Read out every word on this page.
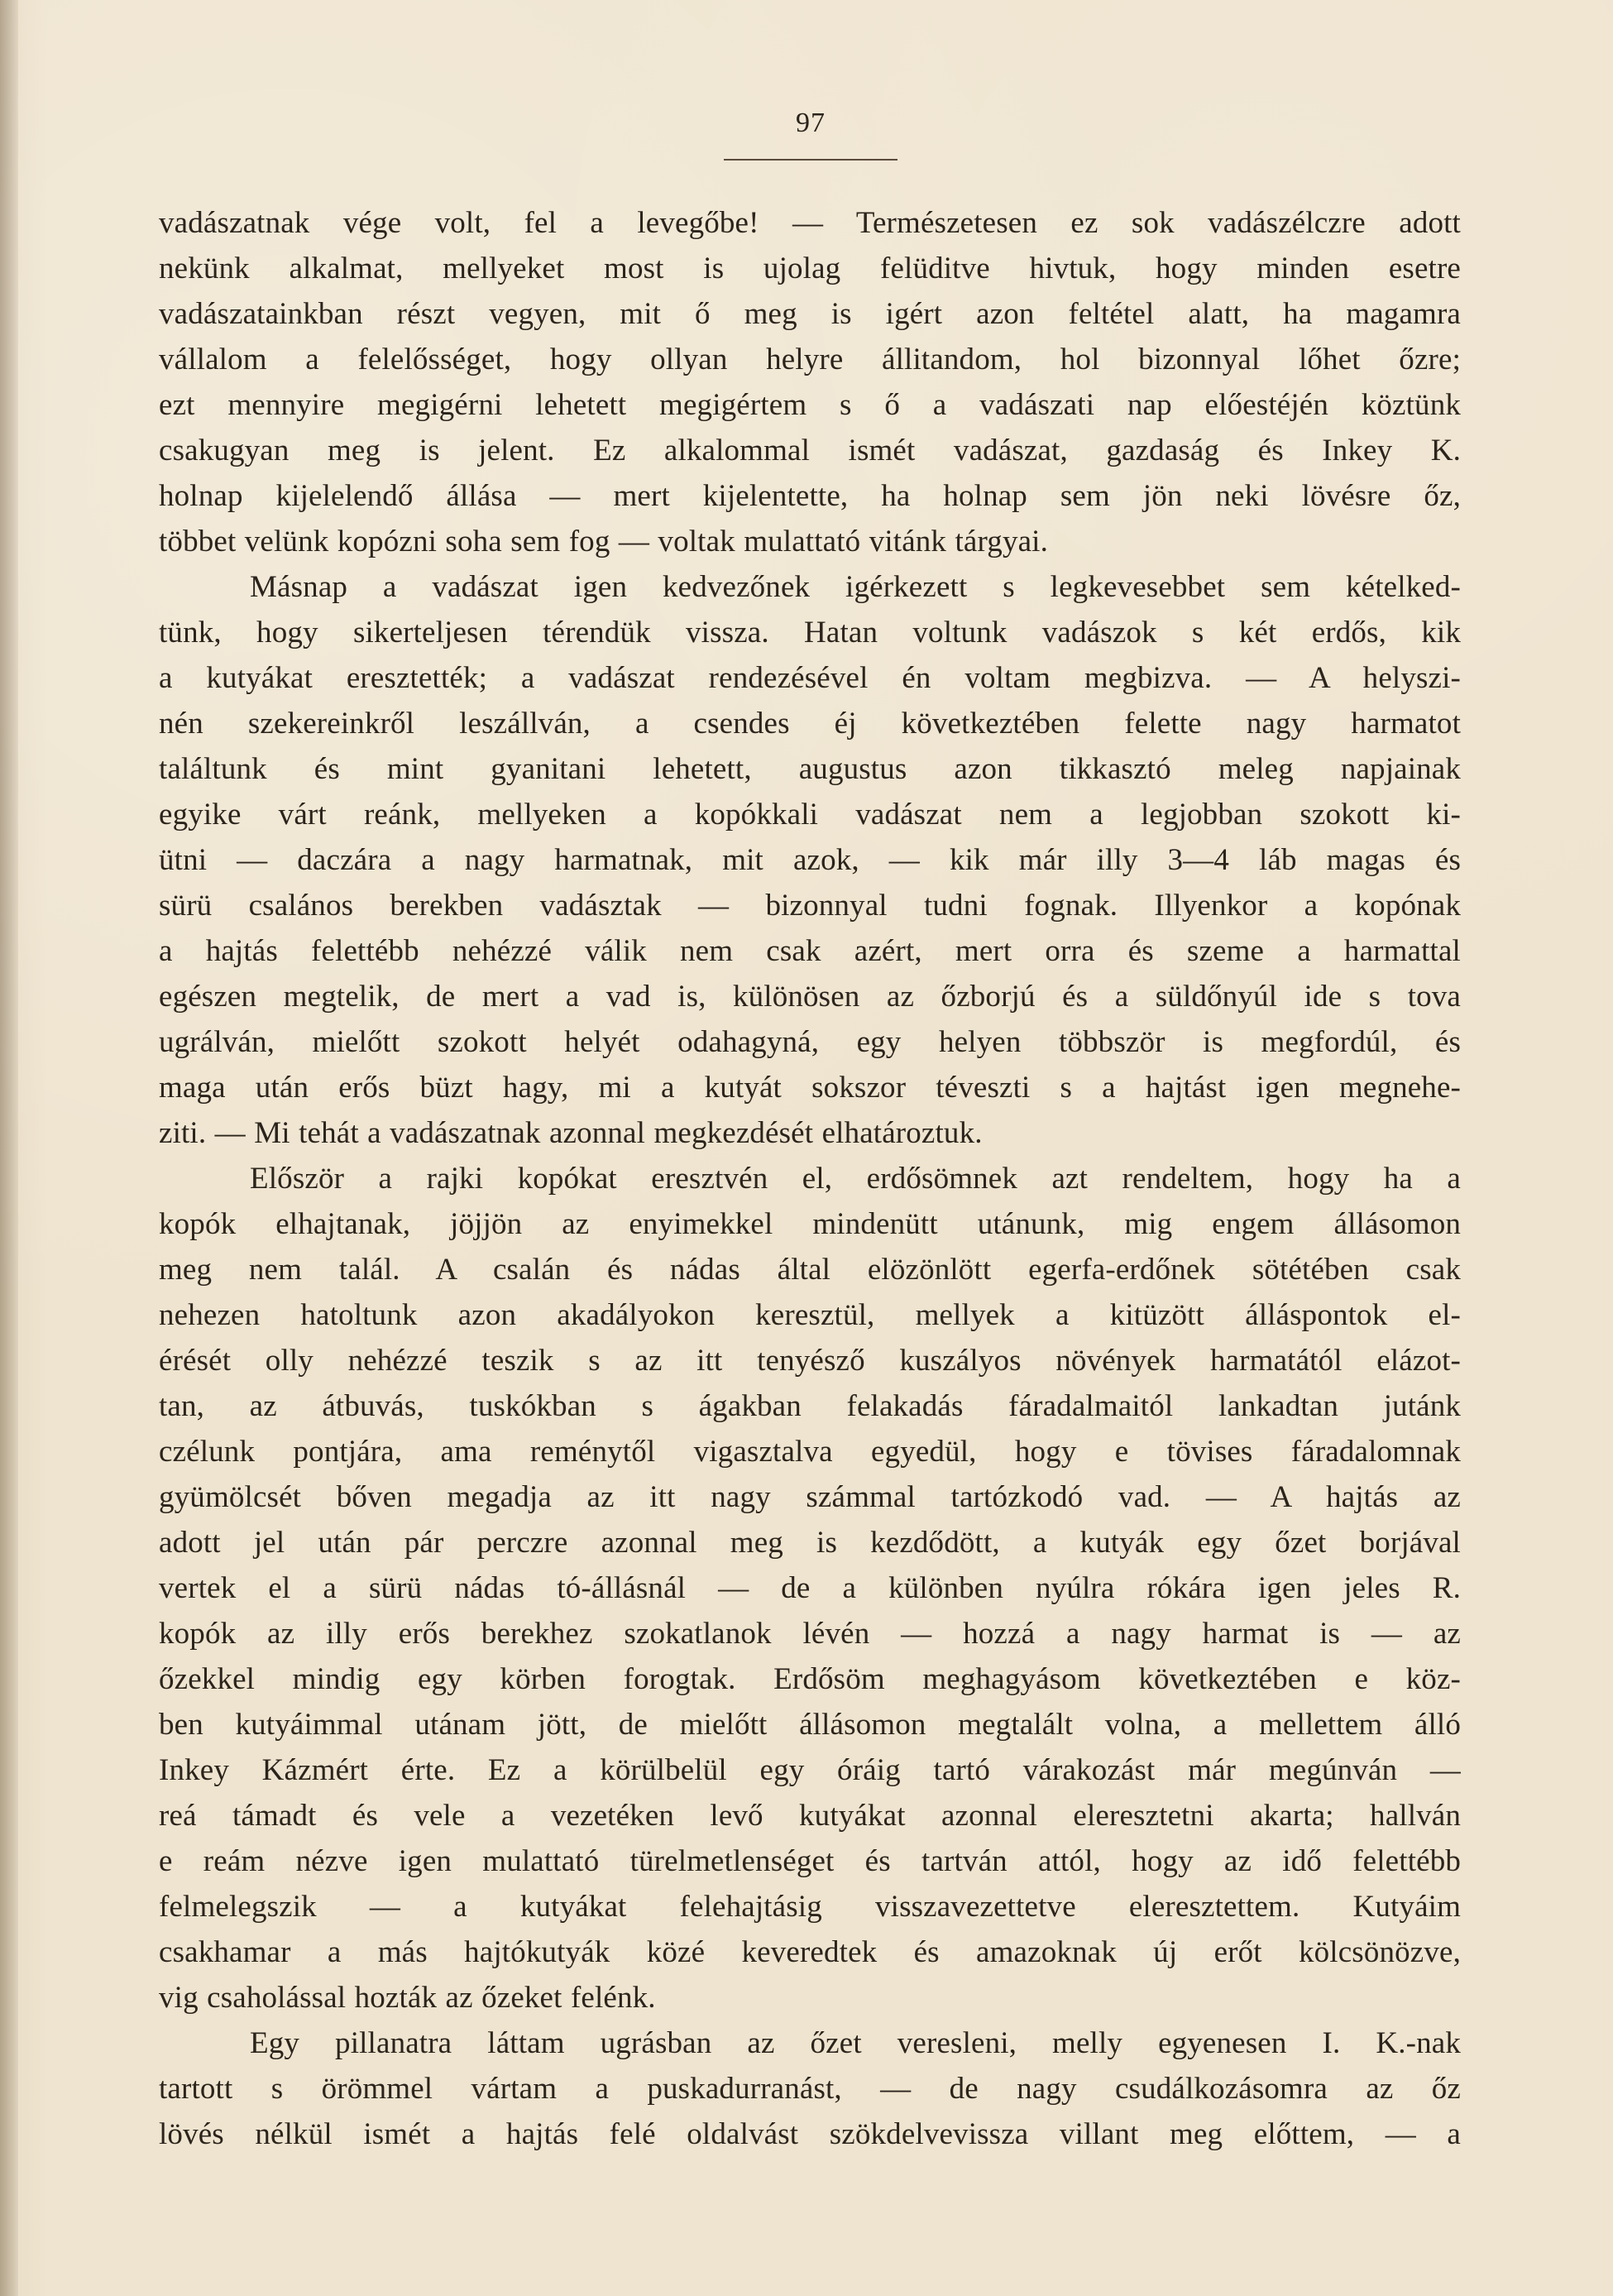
97
vadászatnak vége volt, fel a levegőbe! — Természetesen ez sok vadászélczre adott
nekünk alkalmat, mellyeket most is ujolag felüditve hivtuk, hogy minden esetre
vadászatainkban részt vegyen, mit ő meg is igért azon feltétel alatt, ha magamra
vállalom a felelősséget, hogy ollyan helyre állitandom, hol bizonnyal lőhet őzre;
ezt mennyire megigérni lehetett megigértem s ő a vadászati nap előestéjén köztünk
csakugyan meg is jelent. Ez alkalommal ismét vadászat, gazdaság és Inkey K.
holnap kijelelendő állása — mert kijelentette, ha holnap sem jön neki lövésre őz,
többet velünk kopózni soha sem fog — voltak mulattató vitánk tárgyai.
Másnap a vadászat igen kedvezőnek igérkezett s legkevesebbet sem kételked-
tünk, hogy sikerteljesen térendük vissza. Hatan voltunk vadászok s két erdős, kik
a kutyákat eresztették; a vadászat rendezésével én voltam megbizva. — A helyszi-
nén szekereinkről leszállván, a csendes éj következtében felette nagy harmatot
találtunk és mint gyanitani lehetett, augustus azon tikkasztó meleg napjainak
egyike várt reánk, mellyeken a kopókkali vadászat nem a legjobban szokott ki-
ütni — daczára a nagy harmatnak, mit azok, — kik már illy 3—4 láb magas és
sürü csalános berekben vadásztak — bizonnyal tudni fognak. Illyenkor a kopónak
a hajtás felettébb nehézzé válik nem csak azért, mert orra és szeme a harmattal
egészen megtelik, de mert a vad is, különösen az őzborjú és a süldőnyúl ide s tova
ugrálván, mielőtt szokott helyét odahagyná, egy helyen többször is megfordúl, és
maga után erős büzt hagy, mi a kutyát sokszor téveszti s a hajtást igen megnehe-
ziti. — Mi tehát a vadászatnak azonnal megkezdését elhatároztuk.
Először a rajki kopókat eresztvén el, erdősömnek azt rendeltem, hogy ha a
kopók elhajtanak, jöjjön az enyimekkel mindenütt utánunk, mig engem állásomon
meg nem talál. A csalán és nádas által elözönlött egerfa-erdőnek sötétében csak
nehezen hatoltunk azon akadályokon keresztül, mellyek a kitüzött álláspontok el-
érését olly nehézzé teszik s az itt tenyésző kuszályos növények harmatától elázot-
tan, az átbuvás, tuskókban s ágakban felakadás fáradalmaitól lankadtan jutánk
czélunk pontjára, ama reménytől vigasztalva egyedül, hogy e tövises fáradalomnak
gyümölcsét bőven megadja az itt nagy számmal tartózkodó vad. — A hajtás az
adott jel után pár perczre azonnal meg is kezdődött, a kutyák egy őzet borjával
vertek el a sürü nádas tó-állásnál — de a különben nyúlra rókára igen jeles R.
kopók az illy erős berekhez szokatlanok lévén — hozzá a nagy harmat is — az
őzekkel mindig egy körben forogtak. Erdősöm meghagyásom következtében e köz-
ben kutyáimmal utánam jött, de mielőtt állásomon megtalált volna, a mellettem álló
Inkey Kázmért érte. Ez a körülbelül egy óráig tartó várakozást már megúnván —
reá támadt és vele a vezetéken levő kutyákat azonnal eleresztetni akarta; hallván
e reám nézve igen mulattató türelmetlenséget és tartván attól, hogy az idő felettébb
felmelegszik — a kutyákat felehajtásig visszavezettetve eleresztettem. Kutyáim
csakhamar a más hajtókutyák közé keveredtek és amazoknak új erőt kölcsönözve,
vig csaholással hozták az őzeket felénk.
Egy pillanatra láttam ugrásban az őzet veresleni, melly egyenesen I. K.-nak
tartott s örömmel vártam a puskadurranást, — de nagy csudálkozásomra az őz
lövés nélkül ismét a hajtás felé oldalvást szökdelvevissza villant meg előttem, — a
